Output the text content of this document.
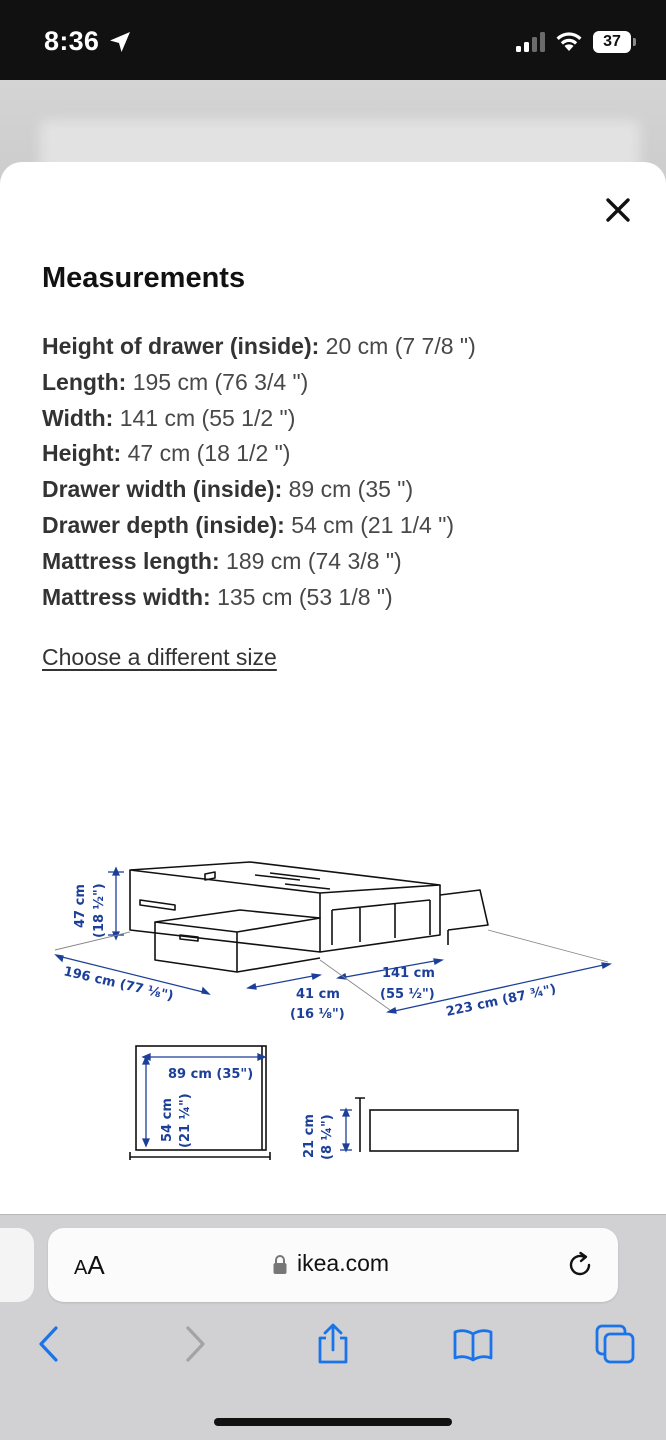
8:36	37
Measurements
Height of drawer (inside): 20 cm (7 7/8 ")
Length: 195 cm (76 3/4 ")
Width: 141 cm (55 1/2 ")
Height: 47 cm (18 1/2 ")
Drawer width (inside): 89 cm (35 ")
Drawer depth (inside): 54 cm (21 1/4 ")
Mattress length: 189 cm (74 3/8 ")
Mattress width: 135 cm (53 1/8 ")
Choose a different size
47 cm (18 ½")
196 cm (77 ⅛")	41 cm
(16 ⅛")
141 cm
(55 ½") 223 cm (87 ¾")
89 cm (35")
54 cm (21 ¼")	21 cm (8 ¼")
AA	ikea.com
